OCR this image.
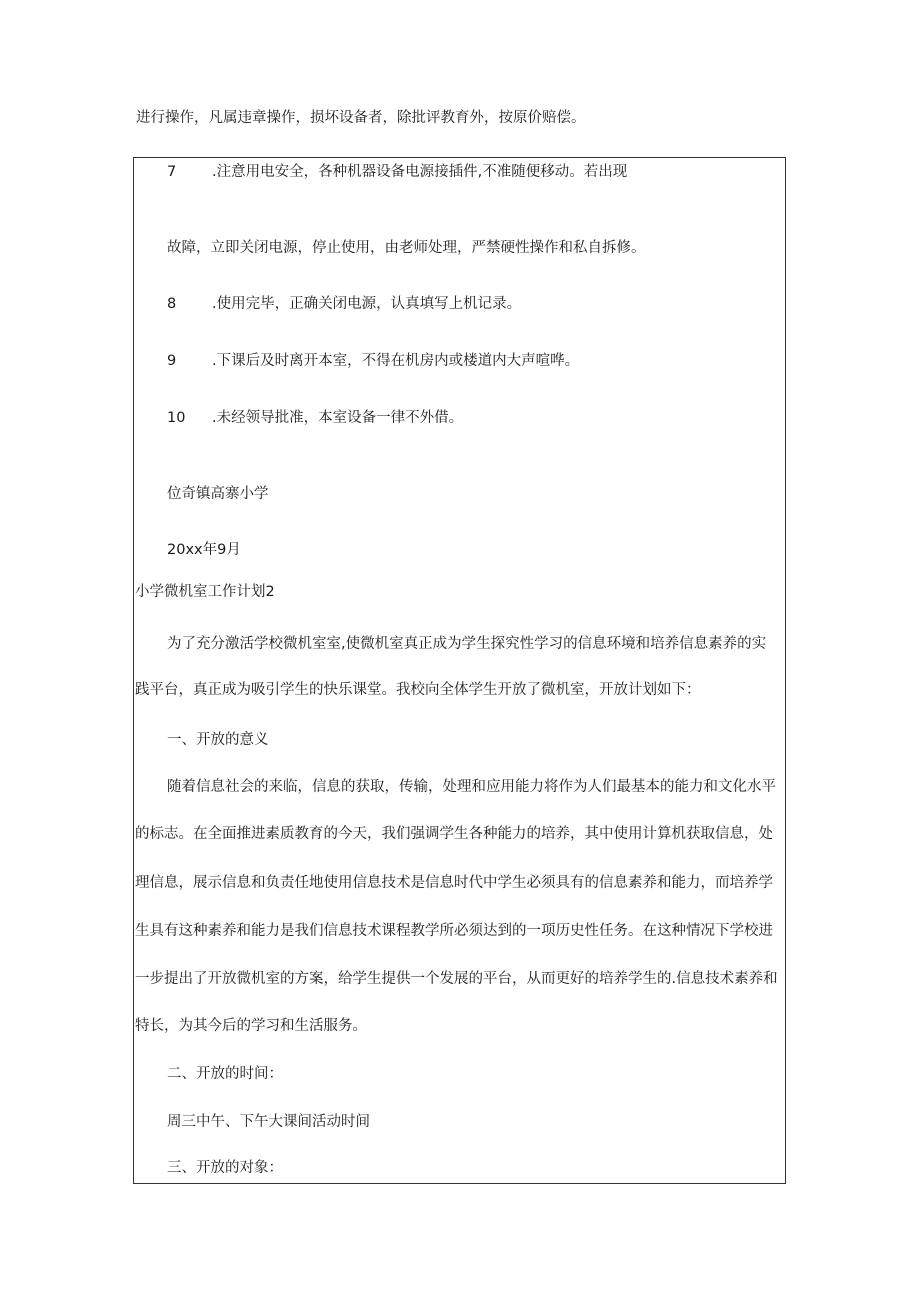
进行操作，凡属违章操作，损坏设备者，除批评教育外，按原价赔偿。
7 .注意用电安全，各种机器设备电源接插件,不准随便移动。若出现
故障，立即关闭电源，停止使用，由老师处理，严禁硬性操作和私自拆修。
8 .使用完毕，正确关闭电源，认真填写上机记录。
9 .下课后及时离开本室，不得在机房内或楼道内大声喧哗。
10 .未经领导批准，本室设备一律不外借。
位奇镇高寨小学
20xx年9月
小学微机室工作计划2
为了充分激活学校微机室室,使微机室真正成为学生探究性学习的信息环境和培养信息素养的实
践平台，真正成为吸引学生的快乐课堂。我校向全体学生开放了微机室，开放计划如下：
一、开放的意义
随着信息社会的来临，信息的获取，传输，处理和应用能力将作为人们最基本的能力和文化水平
的标志。在全面推进素质教育的今天，我们强调学生各种能力的培养，其中使用计算机获取信息，处
理信息，展示信息和负责任地使用信息技术是信息时代中学生必须具有的信息素养和能力，而培养学
生具有这种素养和能力是我们信息技术课程教学所必须达到的一项历史性任务。在这种情况下学校进
一步提出了开放微机室的方案，给学生提供一个发展的平台，从而更好的培养学生的.信息技术素养和
特长，为其今后的学习和生活服务。
二、开放的时间：
周三中午、下午大课间活动时间
三、开放的对象：
